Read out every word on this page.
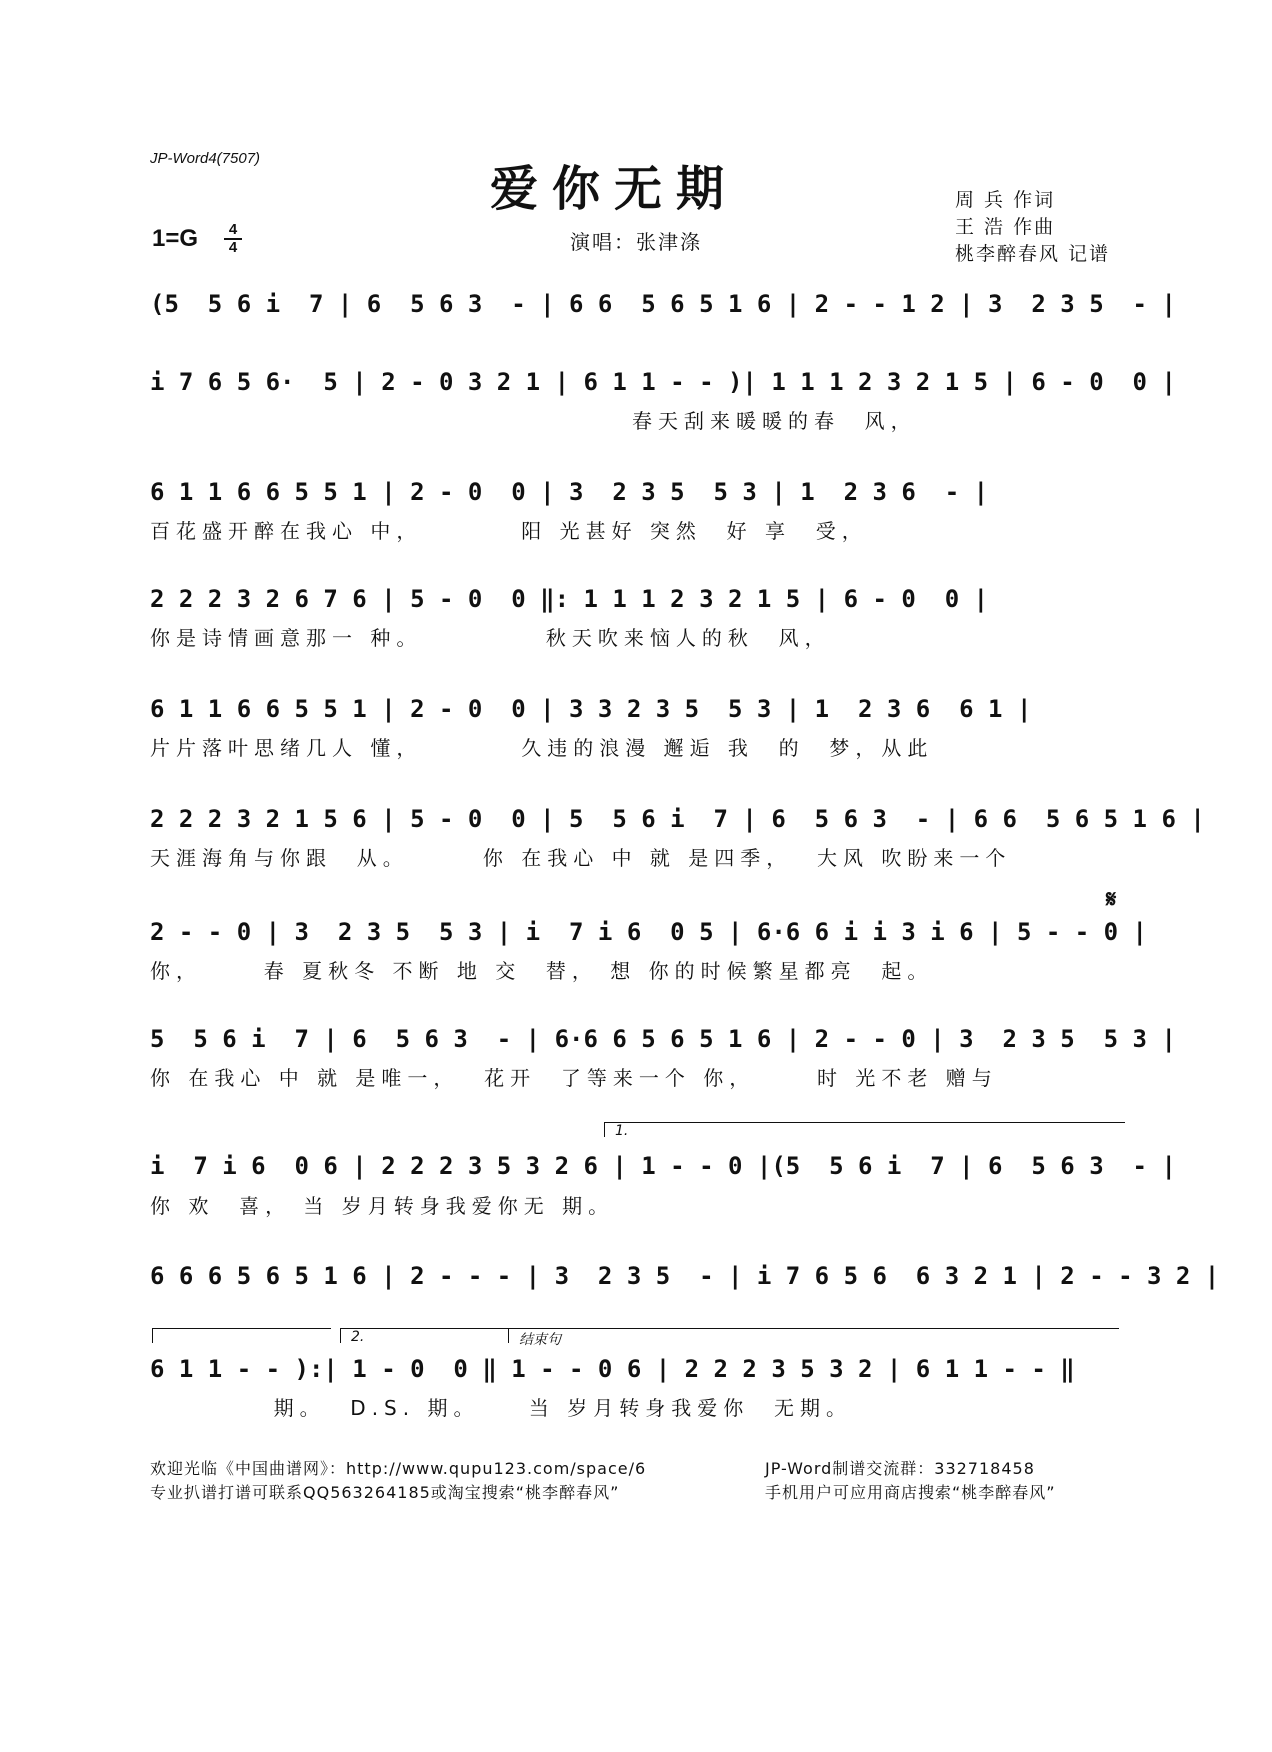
JP-Word4(7507)
爱你无期
1=G	4
4	演唱：张津涤
周 兵 作词
王 浩 作曲
桃李醉春风 记谱
(5  5 6 i  7 | 6  5 6 3  - | 6 6  5 6 5 1 6 | 2 - - 1 2 | 3  2 3 5  - |
i 7 6 5 6·  5 | 2 - 0 3 2 1 | 6 1 1 - - )| 1 1 1 2 3 2 1 5 | 6 - 0  0 |
春天刮来暖暖的春  风，
6 1 1 6 6 5 5 1 | 2 - 0  0 | 3  2 3 5  5 3 | 1  2 3 6  - |
百花盛开醉在我心 中，        阳 光甚好 突然  好 享  受，
2 2 2 3 2 6 7 6 | 5 - 0  0 ‖: 1 1 1 2 3 2 1 5 | 6 - 0  0 |
你是诗情画意那一 种。          秋天吹来恼人的秋  风，
6 1 1 6 6 5 5 1 | 2 - 0  0 | 3 3 2 3 5  5 3 | 1  2 3 6  6 1 |
片片落叶思绪几人 懂，        久违的浪漫 邂逅 我  的  梦，从此
2 2 2 3 2 1 5 6 | 5 - 0  0 | 5  5 6 i  7 | 6  5 6 3  - | 6 6  5 6 5 1 6 |
天涯海角与你跟  从。      你 在我心 中 就 是四季，  大风 吹盼来一个
𝄋
2 - - 0 | 3  2 3 5  5 3 | i  7 i 6  0 5 | 6·6 6 i i 3 i 6 | 5 - - 0 |
你，     春 夏秋冬 不断 地 交  替， 想 你的时候繁星都亮  起。
5  5 6 i  7 | 6  5 6 3  - | 6·6 6 5 6 5 1 6 | 2 - - 0 | 3  2 3 5  5 3 |
你 在我心 中 就 是唯一，  花开  了等来一个 你，     时 光不老 赠与
1.
i  7 i 6  0 6 | 2 2 2 3 5 3 2 6 | 1 - - 0 |(5  5 6 i  7 | 6  5 6 3  - |
你 欢  喜， 当 岁月转身我爱你无 期。
6 6 6 5 6 5 1 6 | 2 - - - | 3  2 3 5  - | i 7 6 5 6  6 3 2 1 | 2 - - 3 2 |
2.	结束句
6 1 1 - - ):| 1 - 0  0 ‖ 1 - - 0 6 | 2 2 2 3 5 3 2 | 6 1 1 - - ‖
期。  D.S. 期。    当 岁月转身我爱你  无期。
欢迎光临《中国曲谱网》：http://www.qupu123.com/space/6
专业扒谱打谱可联系QQ563264185或淘宝搜索“桃李醉春风”
JP-Word制谱交流群：332718458
手机用户可应用商店搜索“桃李醉春风”
